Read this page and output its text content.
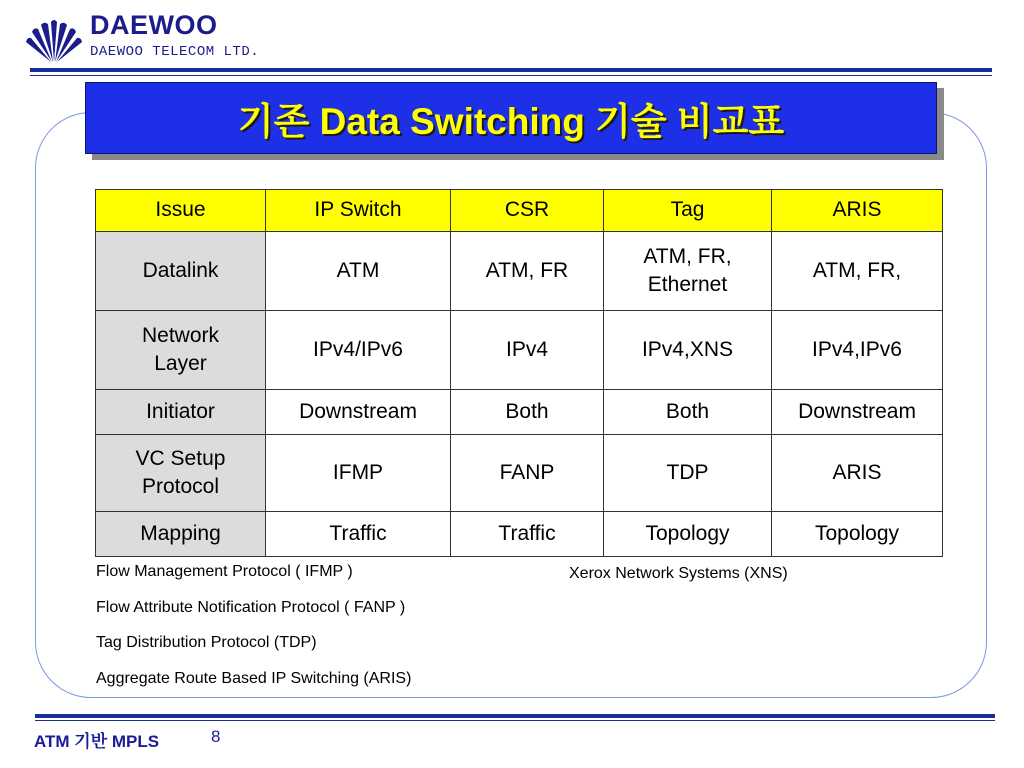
DAEWOO
DAEWOO TELECOM LTD.
기존 Data Switching 기술 비교표
Issue	IP Switch	CSR	Tag	ARIS
Datalink	ATM	ATM, FR	ATM, FR, Ethernet	ATM, FR,
Network Layer	IPv4/IPv6	IPv4	IPv4,XNS	IPv4,IPv6
Initiator	Downstream	Both	Both	Downstream
VC Setup Protocol	IFMP	FANP	TDP	ARIS
Mapping	Traffic	Traffic	Topology	Topology
Flow Management Protocol ( IFMP )
Flow Attribute Notification Protocol ( FANP )
Tag Distribution Protocol (TDP)
Aggregate Route Based IP Switching (ARIS)
Xerox Network Systems (XNS)
ATM 기반 MPLS	8
